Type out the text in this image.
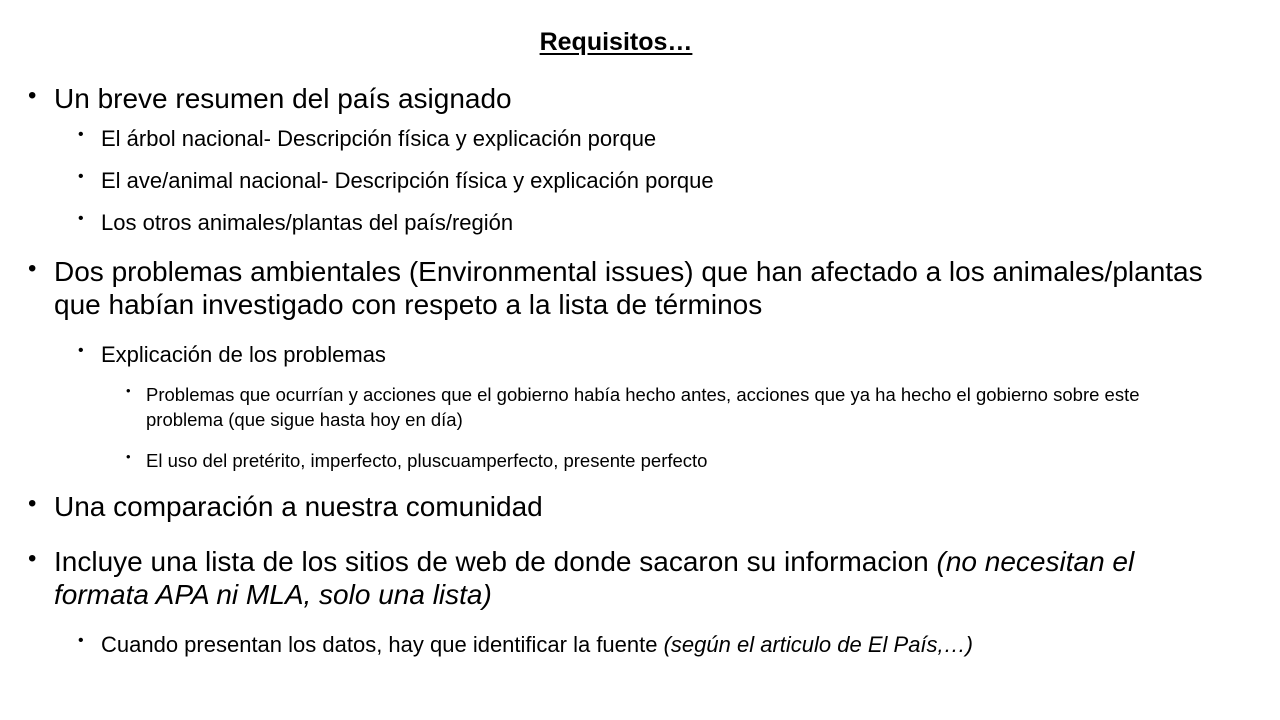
Requisitos…
• Un breve resumen del país asignado
• El árbol nacional- Descripción física y explicación porque
• El ave/animal nacional- Descripción física y explicación porque
• Los otros animales/plantas del país/región
• Dos problemas ambientales (Environmental issues) que han afectado a los animales/plantas que habían investigado con respeto a la lista de términos
• Explicación de los problemas
• Problemas que ocurrían y acciones que el gobierno había hecho antes, acciones que ya ha hecho el gobierno sobre este problema (que sigue hasta hoy en día)
• El uso del pretérito, imperfecto, pluscuamperfecto, presente perfecto
• Una comparación a nuestra comunidad
• Incluye una lista de los sitios de web de donde sacaron su informacion (no necesitan el formata APA ni MLA, solo una lista)
• Cuando presentan los datos, hay que identificar la fuente (según el articulo de El País,…)
